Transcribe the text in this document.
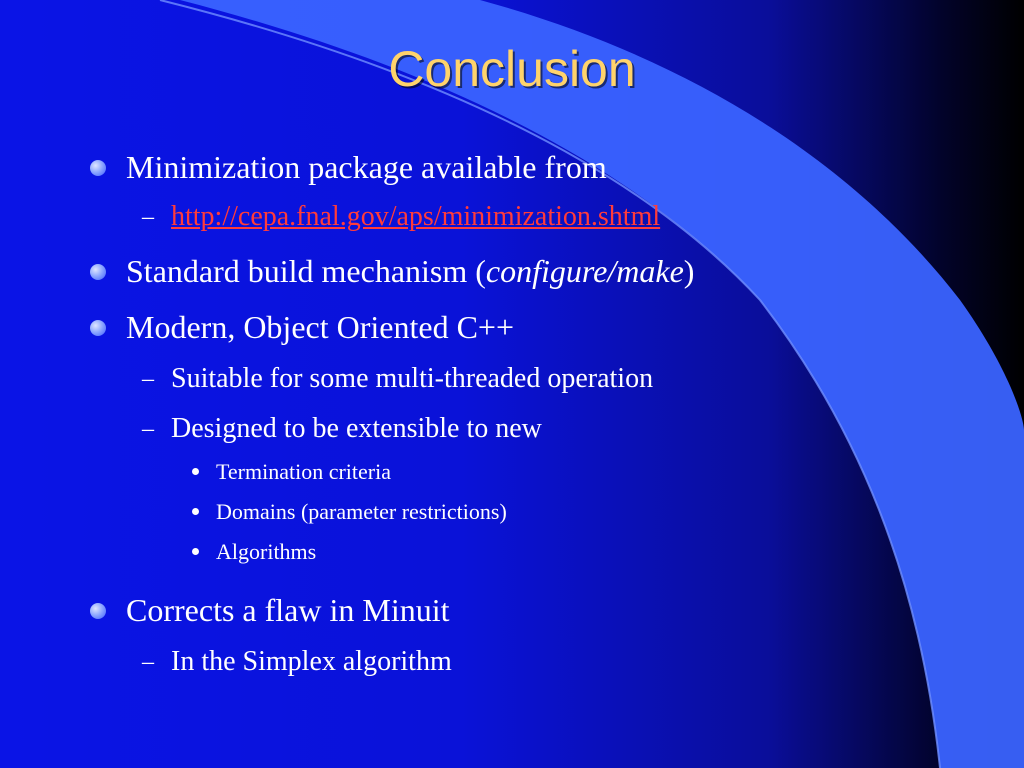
Conclusion
Minimization package available from
– http://cepa.fnal.gov/aps/minimization.shtml
Standard build mechanism (configure/make)
Modern, Object Oriented C++
– Suitable for some multi-threaded operation
– Designed to be extensible to new
Termination criteria
Domains (parameter restrictions)
Algorithms
Corrects a flaw in Minuit
– In the Simplex algorithm
